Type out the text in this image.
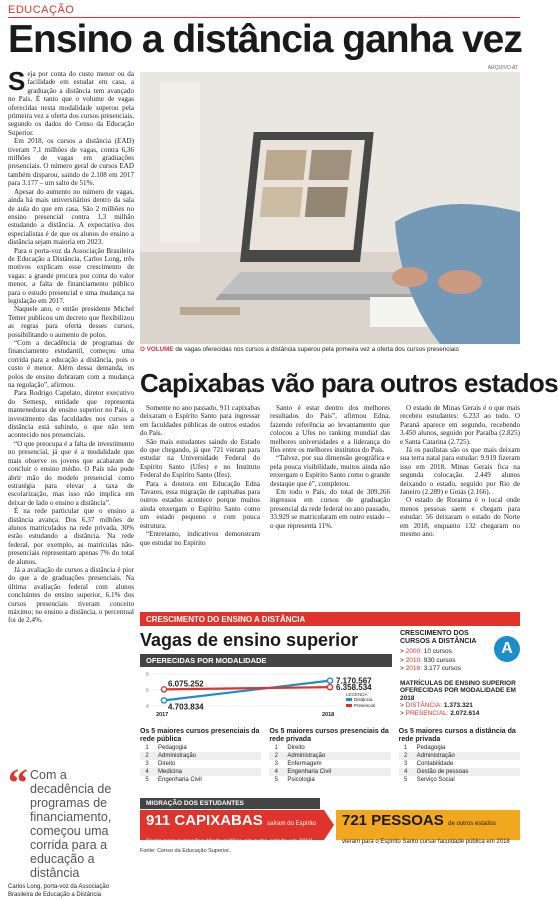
EDUCAÇÃO
Ensino a distância ganha vez
ARQUIVO AT

Seja por conta do custo menor ou da facilidade em estudar em casa, a graduação a distância tem avançado no País. É tanto que o volume de vagas oferecidas nesta modalidade superou pela primeira vez a oferta dos cursos presenciais, segundo os dados do Censo da Educação Superior.

Em 2018, os cursos a distância (EAD) tiveram 7,1 milhões de vagas, contra 6,36 milhões de vagas em graduações presenciais. O número geral de cursos EAD também disparou, saindo de 2.108 em 2017 para 3.177 – um salto de 51%.

Apesar do aumento no número de vagas, ainda há mais universitários dentro da sala de aula do que em casa. São 2 milhões no ensino presencial contra 1,3 milhão estudando a distância. A expectativa dos especialistas é de que os alunos do ensino a distância sejam maioria em 2023.

Para o porta-voz da Associação Brasileira de Educação a Distância, Carlos Long, três motivos explicam esse crescimento de vagas: a grande procura por conta do valor menor, a falta de financiamento público para o estudo presencial e uma mudança na legislação em 2017.

Naquele ano, o então presidente Michel Temer publicou um decreto que flexibilizou as regras para oferta desses cursos, possibilitando o aumento de polos.

“Com a decadência de programas de financiamento estudantil, começou uma corrida para a educação a distância, pois o custo é menor. Além dessa demanda, os polos de ensino dobraram com a mudança na regulação”, afirmou.

Para Rodrigo Capelato, diretor executivo do Semesp, entidade que representa mantenedoras de ensino superior no País, o investimento das faculdades nos cursos a distância está subindo, o que não tem acontecido nos presenciais.

“O que preocupa é a falta de investimento no presencial, já que é a modalidade que mais observe os jovens que acabaram de concluir o ensino médio. O País não pode abrir mão do modelo presencial como estratégia para elevar a taxa de escolarização, mas isso não implica em deixar de lado o ensino a distância”.

É na rede particular que o ensino a distância avança. Dos 6,37 milhões de alunos matriculados na rede privada, 30% estão estudando a distância. Na rede federal, por exemplo, as matrículas não-presenciais representam apenas 7% do total de alunos.

Já a avaliação de cursos a distância é pior do que a de graduações presenciais. Na última avaliação federal com alunos concluintes do ensino superior, 6,1% dos cursos presenciais tiveram conceito máximo; no ensino a distância, o percentual foi de 2,4%.

“ Com a decadência de programas de financiamento, começou uma corrida para a educação a distância
Carlos Long, porta-voz da Associação Brasileira de Educação a Distância
O VOLUME de vagas oferecidas nos cursos a distância superou pela primeira vez a oferta dos cursos presenciais
Capixabas vão para outros estados

Somente no ano passado, 911 capixabas deixaram o Espírito Santo para ingressar em faculdades públicas de outros estados do País.

São mais estudantes saindo do Estado do que chegando, já que 721 vieram para estudar na Universidade Federal do Espírito Santo (Ufes) e no Instituto Federal do Espírito Santo (Ifes).

Para a doutora em Educação Edna Tavares, essa migração de capixabas para outros estados acontece porque muitos ainda enxergam o Espírito Santo como um estado pequeno e com pouca estrutura.

“Entretanto, indicativos demonstram que estudar no Espírito

Santo é estar dentro dos melhores resultados do País”, afirmou Edna, fazendo referência ao levantamento que colocou a Ufes no ranking mundial das melhores universidades e a liderança do Ifes entre os melhores institutos do País.

“Talvez, por sua dimensão geográfica e pela pouca visibilidade, muitos ainda não enxergam o Espírito Santo como o grande destaque que é”, completou.

Em todo o País, do total de 309.266 ingressos em cursos de graduação presencial da rede federal no ano passado, 33.929 se matricularam em outro estado – o que representa 11%.

O estado de Minas Gerais é o que mais recebeu estudantes: 6.233 ao todo. O Paraná aparece em segundo, recebendo 3.450 alunos, seguido por Paraíba (2.825) e Santa Catarina (2.725).

Já os paulistas são os que mais deixam sua terra natal para estudar: 9.919 fizeram isso em 2018. Minas Gerais fica na segunda colocação. 2.449 alunos deixando o estado, seguido por Rio de Janeiro (2.289) e Goiás (2.166).

O estado de Roraima é o local onde menos pessoas saem e chegam para estudar: 56 deixaram o estado do Norte em 2018, enquanto 132 chegaram no mesmo ano.

CRESCIMENTO DO ENSINO A DISTÂNCIA
Vagas de ensino superior
OFERECIDAS POR MODALIDADE
8
6
4 4.703.834
7.170.567
6.075.252	6.358.534
2017	2018
LEGENDA
Distância
Presencial
A
CRESCIMENTO DOS CURSOS A DISTÂNCIA
> 2000: 10 cursos
> 2010: 930 cursos
> 2018: 3.177 cursos
MATRÍCULAS DE ENSINO SUPERIOR OFERECIDAS POR MODALIDADE EM 2018
> DISTÂNCIA: 1.373.321
> PRESENCIAL: 2.072.614
Os 5 maiores cursos presenciais da rede pública
1	Pedagogia
2	Administração
3	Direito
4	Medicina
5	Engenharia Civil
Os 5 maiores cursos presenciais da rede privada
1	Direito
2	Administração
3	Enfermagem
4	Engenharia Civil
5	Psicologia
Os 5 maiores cursos a distância da rede privada
1	Pedagogia
2	Administração
3	Contabilidade
4	Gestão de pessoas
5	Serviço Social
MIGRAÇÃO DOS ESTUDANTES
911 CAPIXABAS saíram do Espírito Santo para cursar faculdade pública em outro estado em 2018
721 PESSOAS de outros estados vieram para o Espírito Santo cursar faculdade pública em 2018
Fonte: Censo da Educação Superior.
